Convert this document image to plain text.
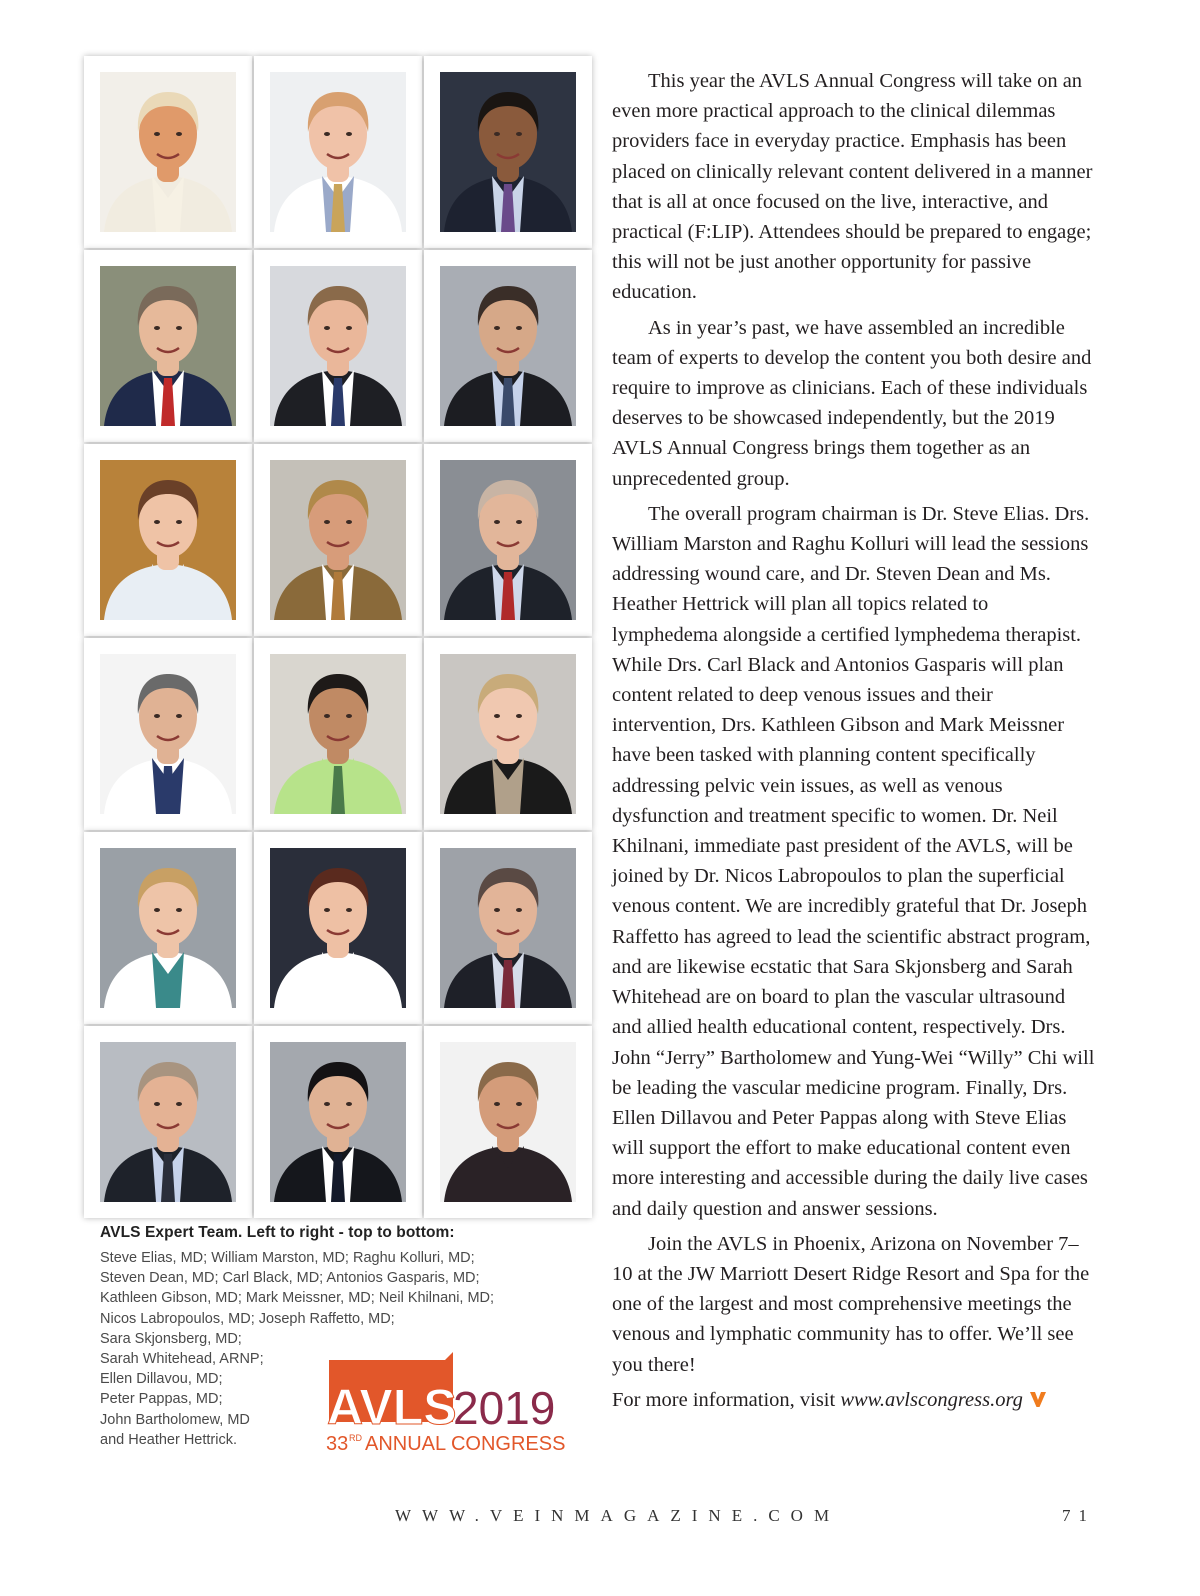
AVLS Expert Team. Left to right - top to bottom:

Steve Elias, MD; William Marston, MD; Raghu Kolluri, MD;

Steven Dean, MD; Carl Black, MD; Antonios Gasparis, MD;

Kathleen Gibson, MD; Mark Meissner, MD; Neil Khilnani, MD;

Nicos Labropoulos, MD; Joseph Raffetto, MD;

Sara Skjonsberg, MD;

Sarah Whitehead, ARNP;

Ellen Dillavou, MD;

Peter Pappas, MD;

John Bartholomew, MD

and Heather Hettrick.

AVLS
2019
33 RD ANNUAL CONGRESS

This year the AVLS Annual Congress will take on an even more practical approach to the clinical dilemmas providers face in everyday practice. Emphasis has been placed on clinically relevant content delivered in a manner that is all at once focused on the live, interactive, and practical (F:LIP). Attendees should be prepared to engage; this will not be just another opportunity for passive education.

As in year’s past, we have assembled an incredible team of experts to develop the content you both desire and require to improve as clinicians. Each of these individuals deserves to be showcased independently, but the 2019 AVLS Annual Congress brings them together as an unprecedented group.

The overall program chairman is Dr. Steve Elias. Drs. William Marston and Raghu Kolluri will lead the sessions addressing wound care, and Dr. Steven Dean and Ms. Heather Hettrick will plan all topics related to lymphedema alongside a certified lymphedema therapist. While Drs. Carl Black and Antonios Gasparis will plan content related to deep venous issues and their intervention, Drs. Kathleen Gibson and Mark Meissner have been tasked with planning content specifically addressing pelvic vein issues, as well as venous dysfunction and treatment specific to women. Dr. Neil Khilnani, immediate past president of the AVLS, will be joined by Dr. Nicos Labropoulos to plan the superficial venous content. We are incredibly grateful that Dr. Joseph Raffetto has agreed to lead the scientific abstract program, and are likewise ecstatic that Sara Skjonsberg and Sarah Whitehead are on board to plan the vascular ultrasound and allied health educational content, respectively. Drs. John “Jerry” Bartholomew and Yung-Wei “Willy” Chi will be leading the vascular medicine program. Finally, Drs. Ellen Dillavou and Peter Pappas along with Steve Elias will support the effort to make educational content even more interesting and accessible during the daily live cases and daily question and answer sessions.

Join the AVLS in Phoenix, Arizona on November 7–10 at the JW Marriott Desert Ridge Resort and Spa for the one of the largest and most comprehensive meetings the venous and lymphatic community has to offer. We’ll see you there!

For more information, visit www.avlscongress.org

WWW.VEINMAGAZINE.COM	71
